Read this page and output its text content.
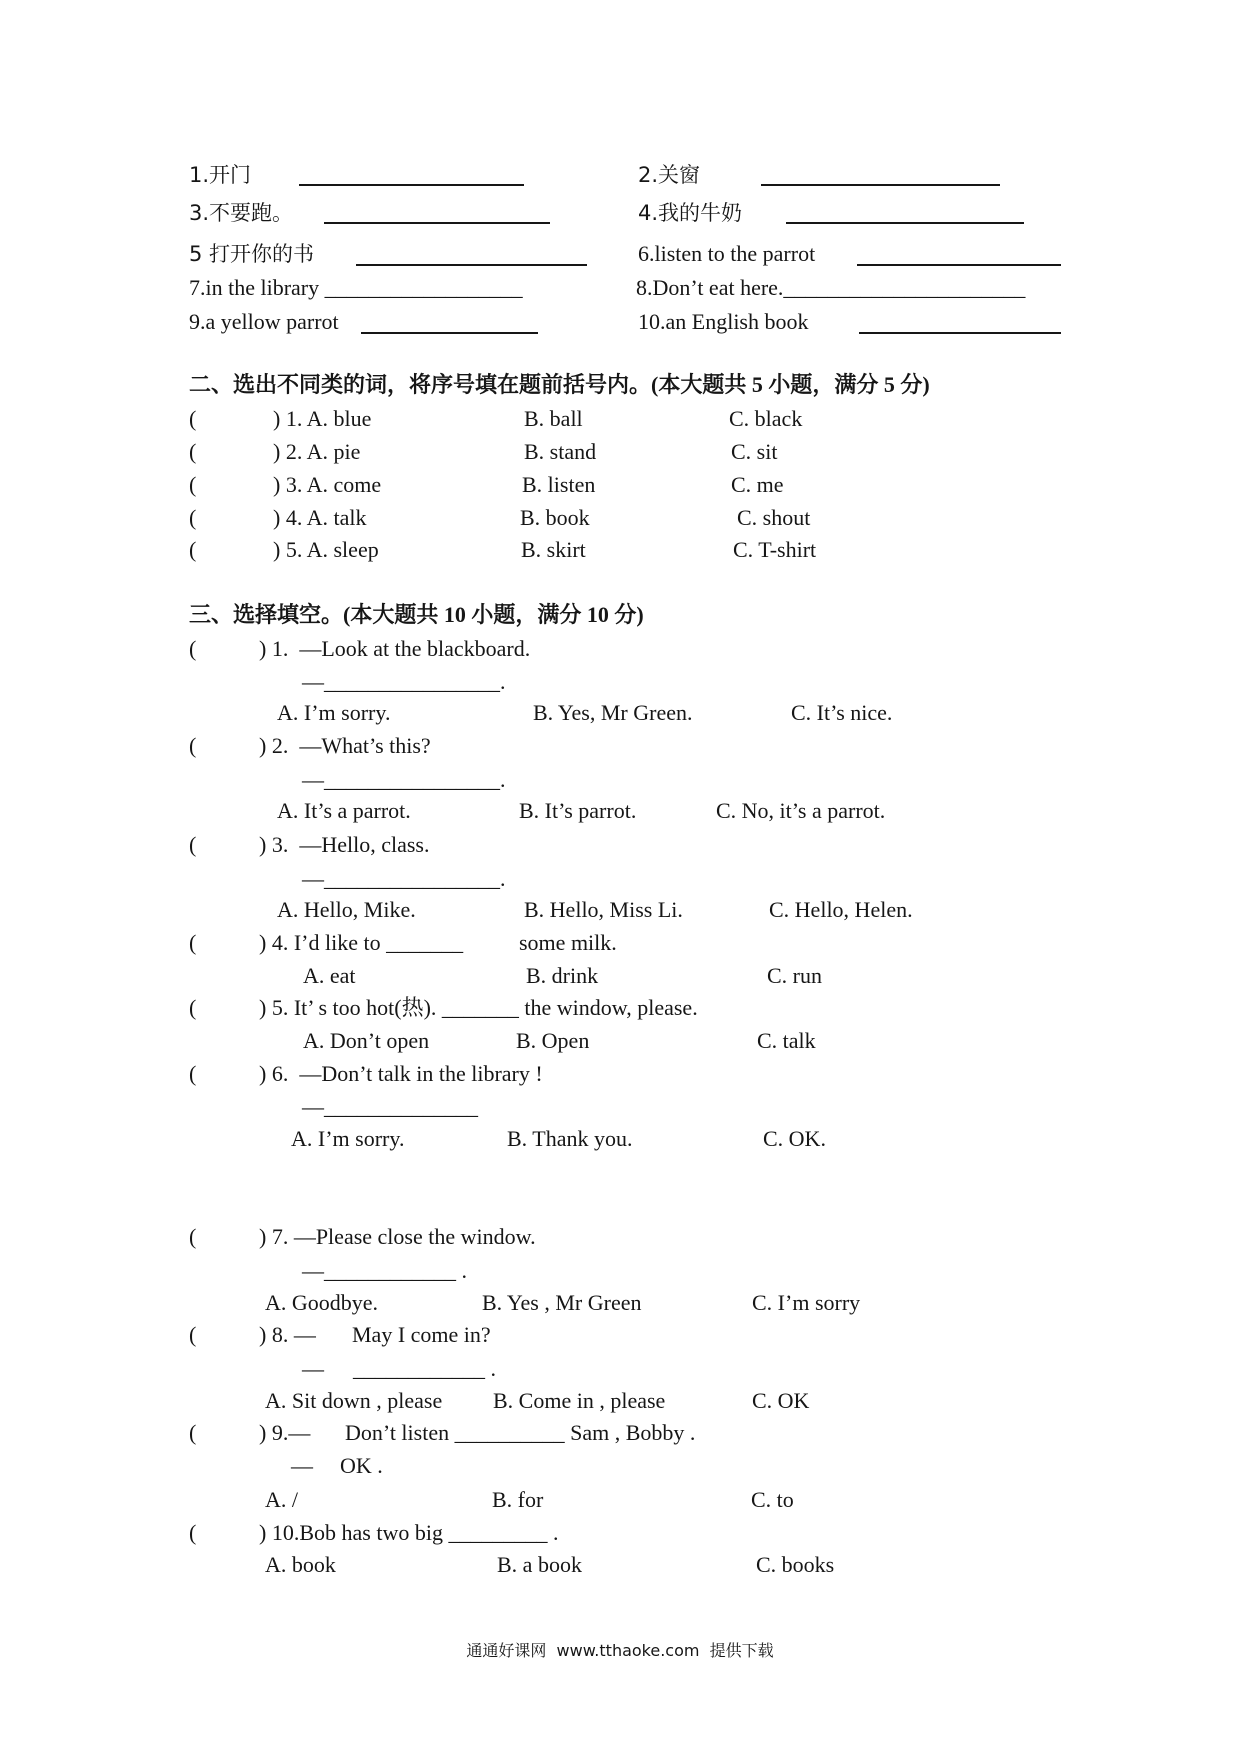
1.开门	2.关窗
3.不要跑。	4.我的牛奶
5 打开你的书	6.listen to the parrot
7.in the library __________________	8.Don’t eat here.______________________
9.a yellow parrot	10.an English book
二、选出不同类的词，将序号填在题前括号内。(本大题共 5 小题，满分 5 分)
(	) 1. A. blue	B. ball	C. black
(	) 2. A. pie	B. stand	C. sit
(	) 3. A. come	B. listen	C. me
(	) 4. A. talk	B. book	C. shout
(	) 5. A. sleep	B. skirt	C. T-shirt
三、选择填空。(本大题共 10 小题，满分 10 分)
(	) 1.  —Look at the blackboard.
—________________.
A. I’m sorry.	B. Yes, Mr Green.	C. It’s nice.
(	) 2.  —What’s this?
—________________.
A. It’s a parrot.	B. It’s parrot.	C. No, it’s a parrot.
(	) 3.  —Hello, class.
—________________.
A. Hello, Mike.	B. Hello, Miss Li.	C. Hello, Helen.
(	) 4. I’d like to _______	some milk.
A. eat	B. drink	C. run
(	) 5. It’ s too hot(热). _______ the window, please.
A. Don’t open	B. Open	C. talk
(	) 6.  —Don’t talk in the library !
—______________
A. I’m sorry.	B. Thank you.	C. OK.
(	) 7. —Please close the window.
—____________ .
A. Goodbye.	B. Yes , Mr Green	C. I’m sorry
(	) 8. — May I come in?
— ____________ .
A. Sit down , please B. Come in , please	C. OK
(	) 9.— Don’t listen __________ Sam , Bobby .
— OK .
A. /	B. for	C. to
(	) 10.Bob has two big _________ .
A. book	B. a book	C. books
通通好课网  www.tthaoke.com  提供下载
